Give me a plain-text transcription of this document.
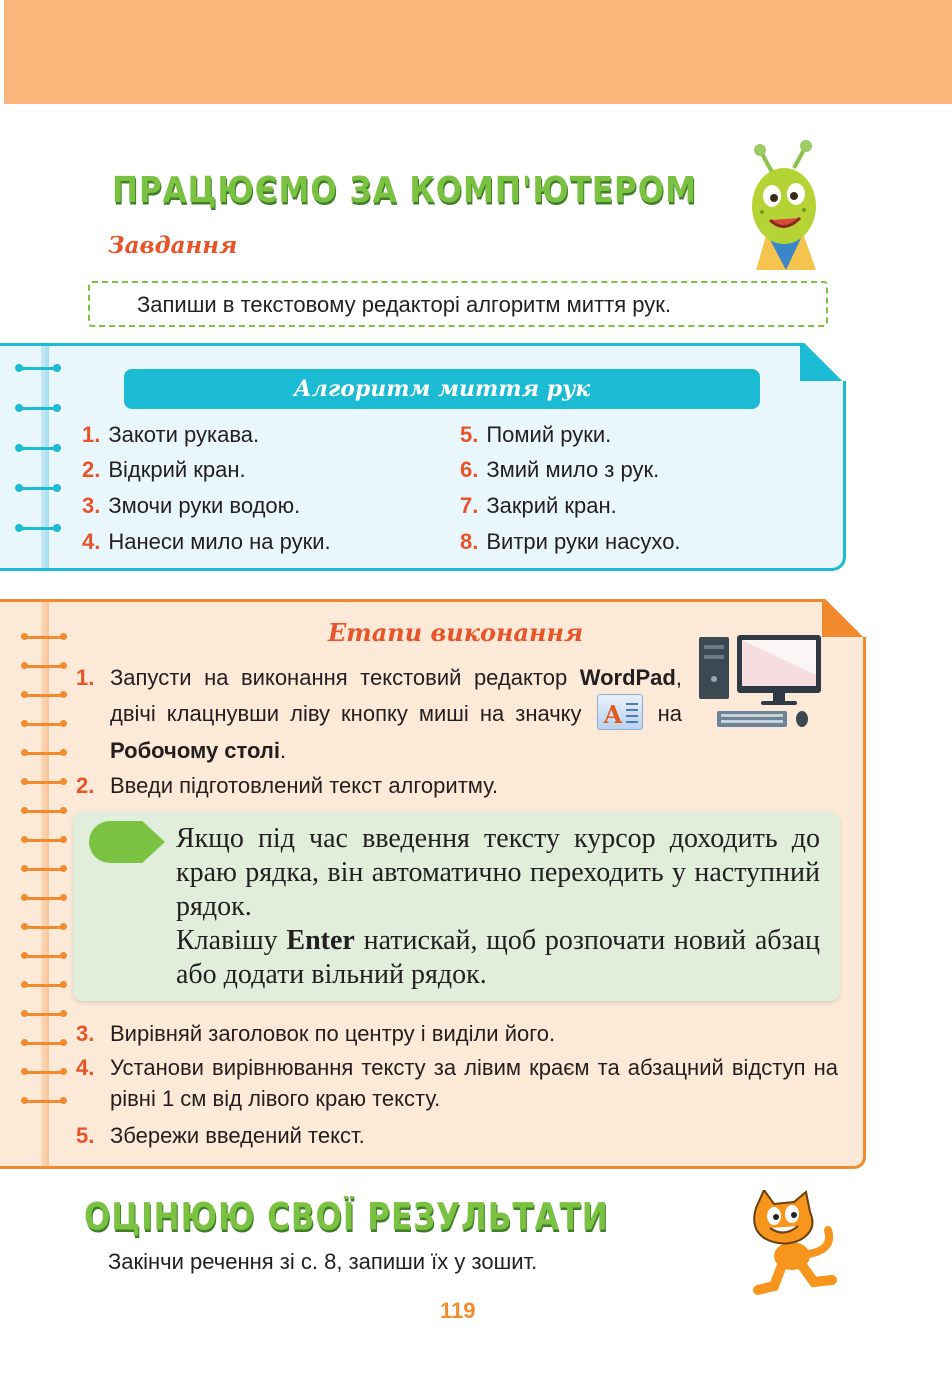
ПРАЦЮЄМО ЗА КОМП'ЮТЕРОМ
Завдання
Запиши в текстовому редакторі алгоритм миття рук.
Алгоритм миття рук
1. Закоти рукава.
2. Відкрий кран.
3. Змочи руки водою.
4. Нанеси мило на руки.
5. Помий руки.
6. Змий мило з рук.
7. Закрий кран.
8. Витри руки насухо.
Етапи виконання
1. Запусти на виконання текстовий редактор WordPad, двічі клацнувши ліву кнопку миші на значку A на Робочому столі.
2. Введи підготовлений текст алгоритму.

Якщо під час введення тексту курсор доходить до краю рядка, він автоматично переходить у наступний рядок.

Клавішу Enter натискай, щоб розпочати новий абзац або додати вільний рядок.

3. Вирівняй заголовок по центру і виділи його.
4. Установи вирівнювання тексту за лівим краєм та абзацний відступ на рівні 1 см від лівого краю тексту.
5. Збережи введений текст.
ОЦІНЮЮ СВОЇ РЕЗУЛЬТАТИ
Закінчи речення зі с. 8, запиши їх у зошит.
119
